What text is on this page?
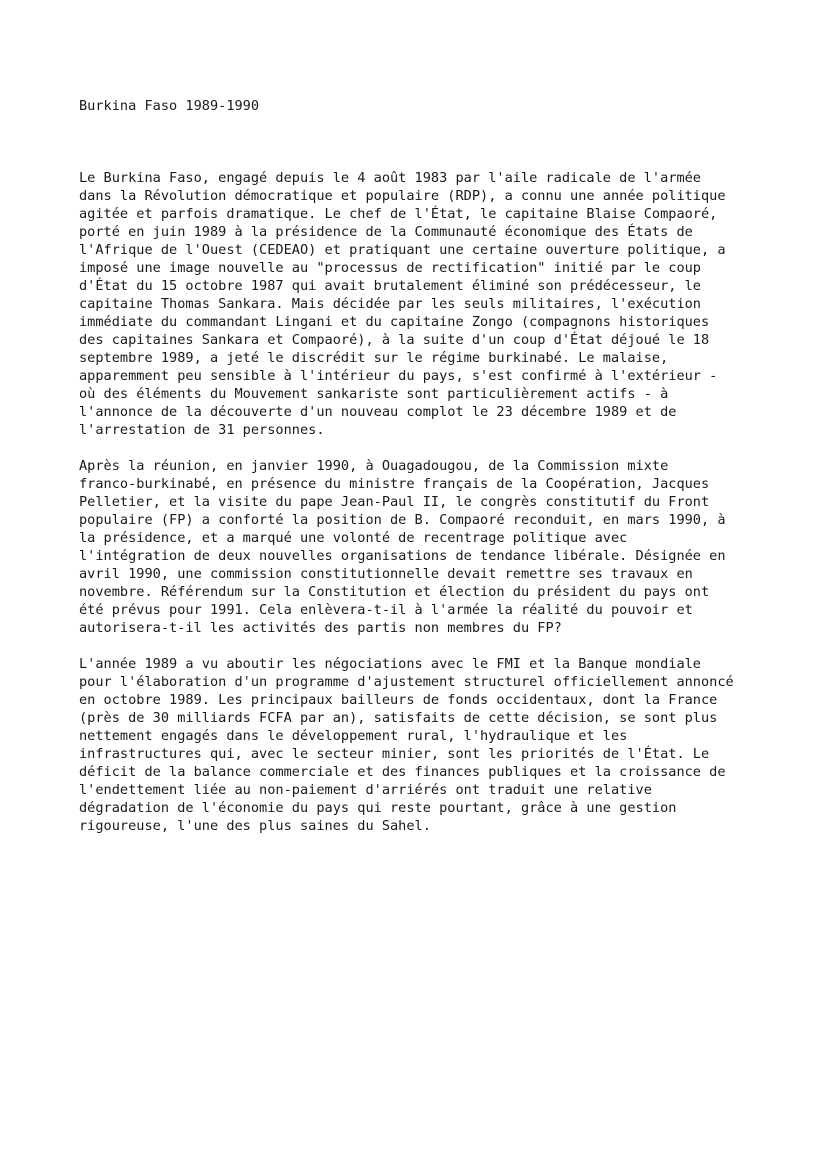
Burkina Faso 1989-1990

Le Burkina Faso, engagé depuis le 4 août 1983 par l'aile radicale de l'armée
dans la Révolution démocratique et populaire (RDP), a connu une année politique
agitée et parfois dramatique. Le chef de l'État, le capitaine Blaise Compaoré,
porté en juin 1989 à la présidence de la Communauté économique des États de
l'Afrique de l'Ouest (CEDEAO) et pratiquant une certaine ouverture politique, a
imposé une image nouvelle au "processus de rectification" initié par le coup
d'État du 15 octobre 1987 qui avait brutalement éliminé son prédécesseur, le
capitaine Thomas Sankara. Mais décidée par les seuls militaires, l'exécution
immédiate du commandant Lingani et du capitaine Zongo (compagnons historiques
des capitaines Sankara et Compaoré), à la suite d'un coup d'État déjoué le 18
septembre 1989, a jeté le discrédit sur le régime burkinabé. Le malaise,
apparemment peu sensible à l'intérieur du pays, s'est confirmé à l'extérieur -
où des éléments du Mouvement sankariste sont particulièrement actifs - à
l'annonce de la découverte d'un nouveau complot le 23 décembre 1989 et de
l'arrestation de 31 personnes.

Après la réunion, en janvier 1990, à Ouagadougou, de la Commission mixte
franco-burkinabé, en présence du ministre français de la Coopération, Jacques
Pelletier, et la visite du pape Jean-Paul II, le congrès constitutif du Front
populaire (FP) a conforté la position de B. Compaoré reconduit, en mars 1990, à
la présidence, et a marqué une volonté de recentrage politique avec
l'intégration de deux nouvelles organisations de tendance libérale. Désignée en
avril 1990, une commission constitutionnelle devait remettre ses travaux en
novembre. Référendum sur la Constitution et élection du président du pays ont
été prévus pour 1991. Cela enlèvera-t-il à l'armée la réalité du pouvoir et
autorisera-t-il les activités des partis non membres du FP?

L'année 1989 a vu aboutir les négociations avec le FMI et la Banque mondiale
pour l'élaboration d'un programme d'ajustement structurel officiellement annoncé
en octobre 1989. Les principaux bailleurs de fonds occidentaux, dont la France
(près de 30 milliards FCFA par an), satisfaits de cette décision, se sont plus
nettement engagés dans le développement rural, l'hydraulique et les
infrastructures qui, avec le secteur minier, sont les priorités de l'État. Le
déficit de la balance commerciale et des finances publiques et la croissance de
l'endettement liée au non-paiement d'arriérés ont traduit une relative
dégradation de l'économie du pays qui reste pourtant, grâce à une gestion
rigoureuse, l'une des plus saines du Sahel.
